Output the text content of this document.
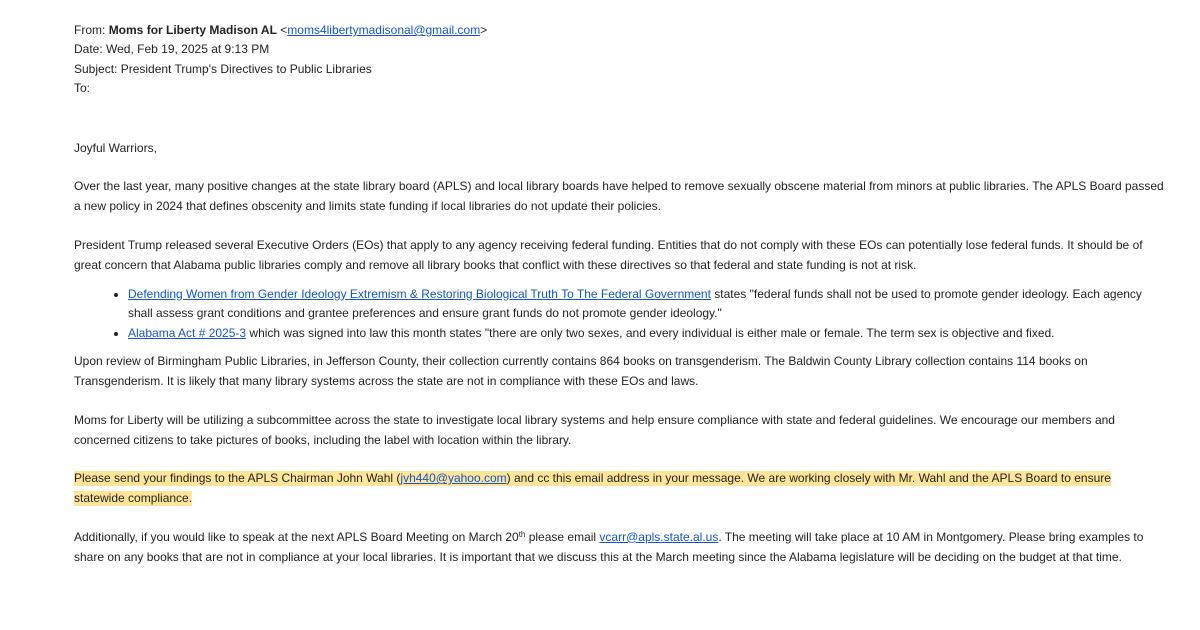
From: Moms for Liberty Madison AL <moms4libertymadisonal@gmail.com>
Date: Wed, Feb 19, 2025 at 9:13 PM
Subject: President Trump's Directives to Public Libraries
To:

Joyful Warriors,

Over the last year, many positive changes at the state library board (APLS) and local library boards have helped to remove sexually obscene material from minors at public libraries. The APLS Board passed a new policy in 2024 that defines obscenity and limits state funding if local libraries do not update their policies.

President Trump released several Executive Orders (EOs) that apply to any agency receiving federal funding. Entities that do not comply with these EOs can potentially lose federal funds. It should be of great concern that Alabama public libraries comply and remove all library books that conflict with these directives so that federal and state funding is not at risk.

• Defending Women from Gender Ideology Extremism & Restoring Biological Truth To The Federal Government states "federal funds shall not be used to promote gender ideology. Each agency shall assess grant conditions and grantee preferences and ensure grant funds do not promote gender ideology."
• Alabama Act # 2025-3 which was signed into law this month states "there are only two sexes, and every individual is either male or female. The term sex is objective and fixed.

Upon review of Birmingham Public Libraries, in Jefferson County, their collection currently contains 864 books on transgenderism. The Baldwin County Library collection contains 114 books on Transgenderism. It is likely that many library systems across the state are not in compliance with these EOs and laws.

Moms for Liberty will be utilizing a subcommittee across the state to investigate local library systems and help ensure compliance with state and federal guidelines. We encourage our members and concerned citizens to take pictures of books, including the label with location within the library.

Please send your findings to the APLS Chairman John Wahl (jvh440@yahoo.com) and cc this email address in your message. We are working closely with Mr. Wahl and the APLS Board to ensure statewide compliance.

Additionally, if you would like to speak at the next APLS Board Meeting on March 20th please email vcarr@apls.state.al.us. The meeting will take place at 10 AM in Montgomery. Please bring examples to share on any books that are not in compliance at your local libraries. It is important that we discuss this at the March meeting since the Alabama legislature will be deciding on the budget at that time.
